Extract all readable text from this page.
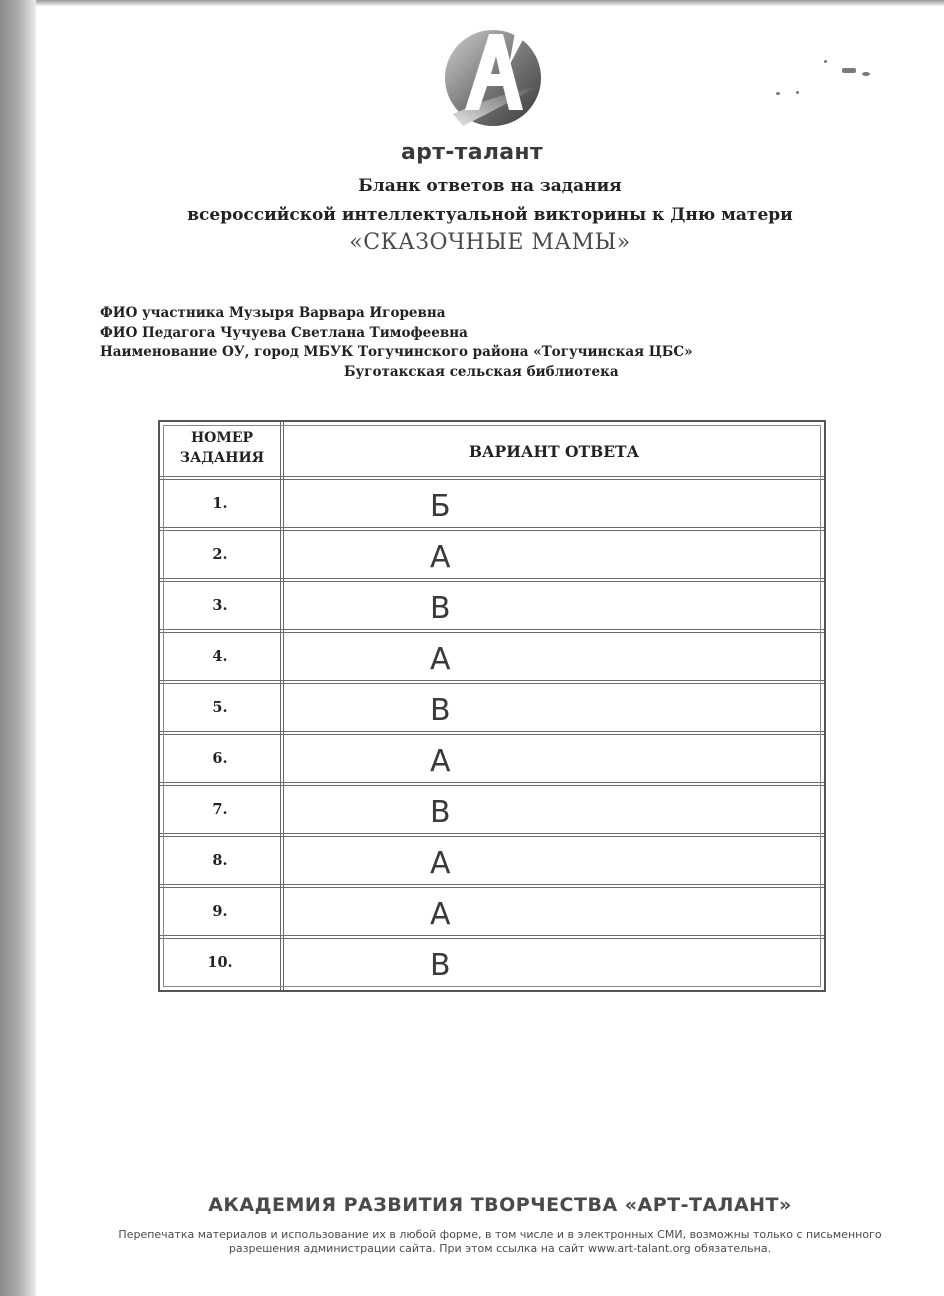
арт-талант
Бланк ответов на задания
всероссийской интеллектуальной викторины к Дню матери
«СКАЗОЧНЫЕ МАМЫ»
ФИО участника Музыря Варвара Игоревна
ФИО Педагога Чучуева Светлана Тимофеевна
Наименование ОУ, город МБУК Тогучинского района «Тогучинская ЦБС»
Буготакская сельская библиотека
НОМЕР ЗАДАНИЯ	ВАРИАНТ ОТВЕТА
1.	Б
2.	А
3.	В
4.	А
5.	В
6.	А
7.	В
8.	А
9.	А
10.	В
АКАДЕМИЯ РАЗВИТИЯ ТВОРЧЕСТВА «АРТ-ТАЛАНТ»
Перепечатка материалов и использование их в любой форме, в том числе и в электронных СМИ, возможны только с письменного разрешения администрации сайта. При этом ссылка на сайт www.art-talant.org обязательна.
